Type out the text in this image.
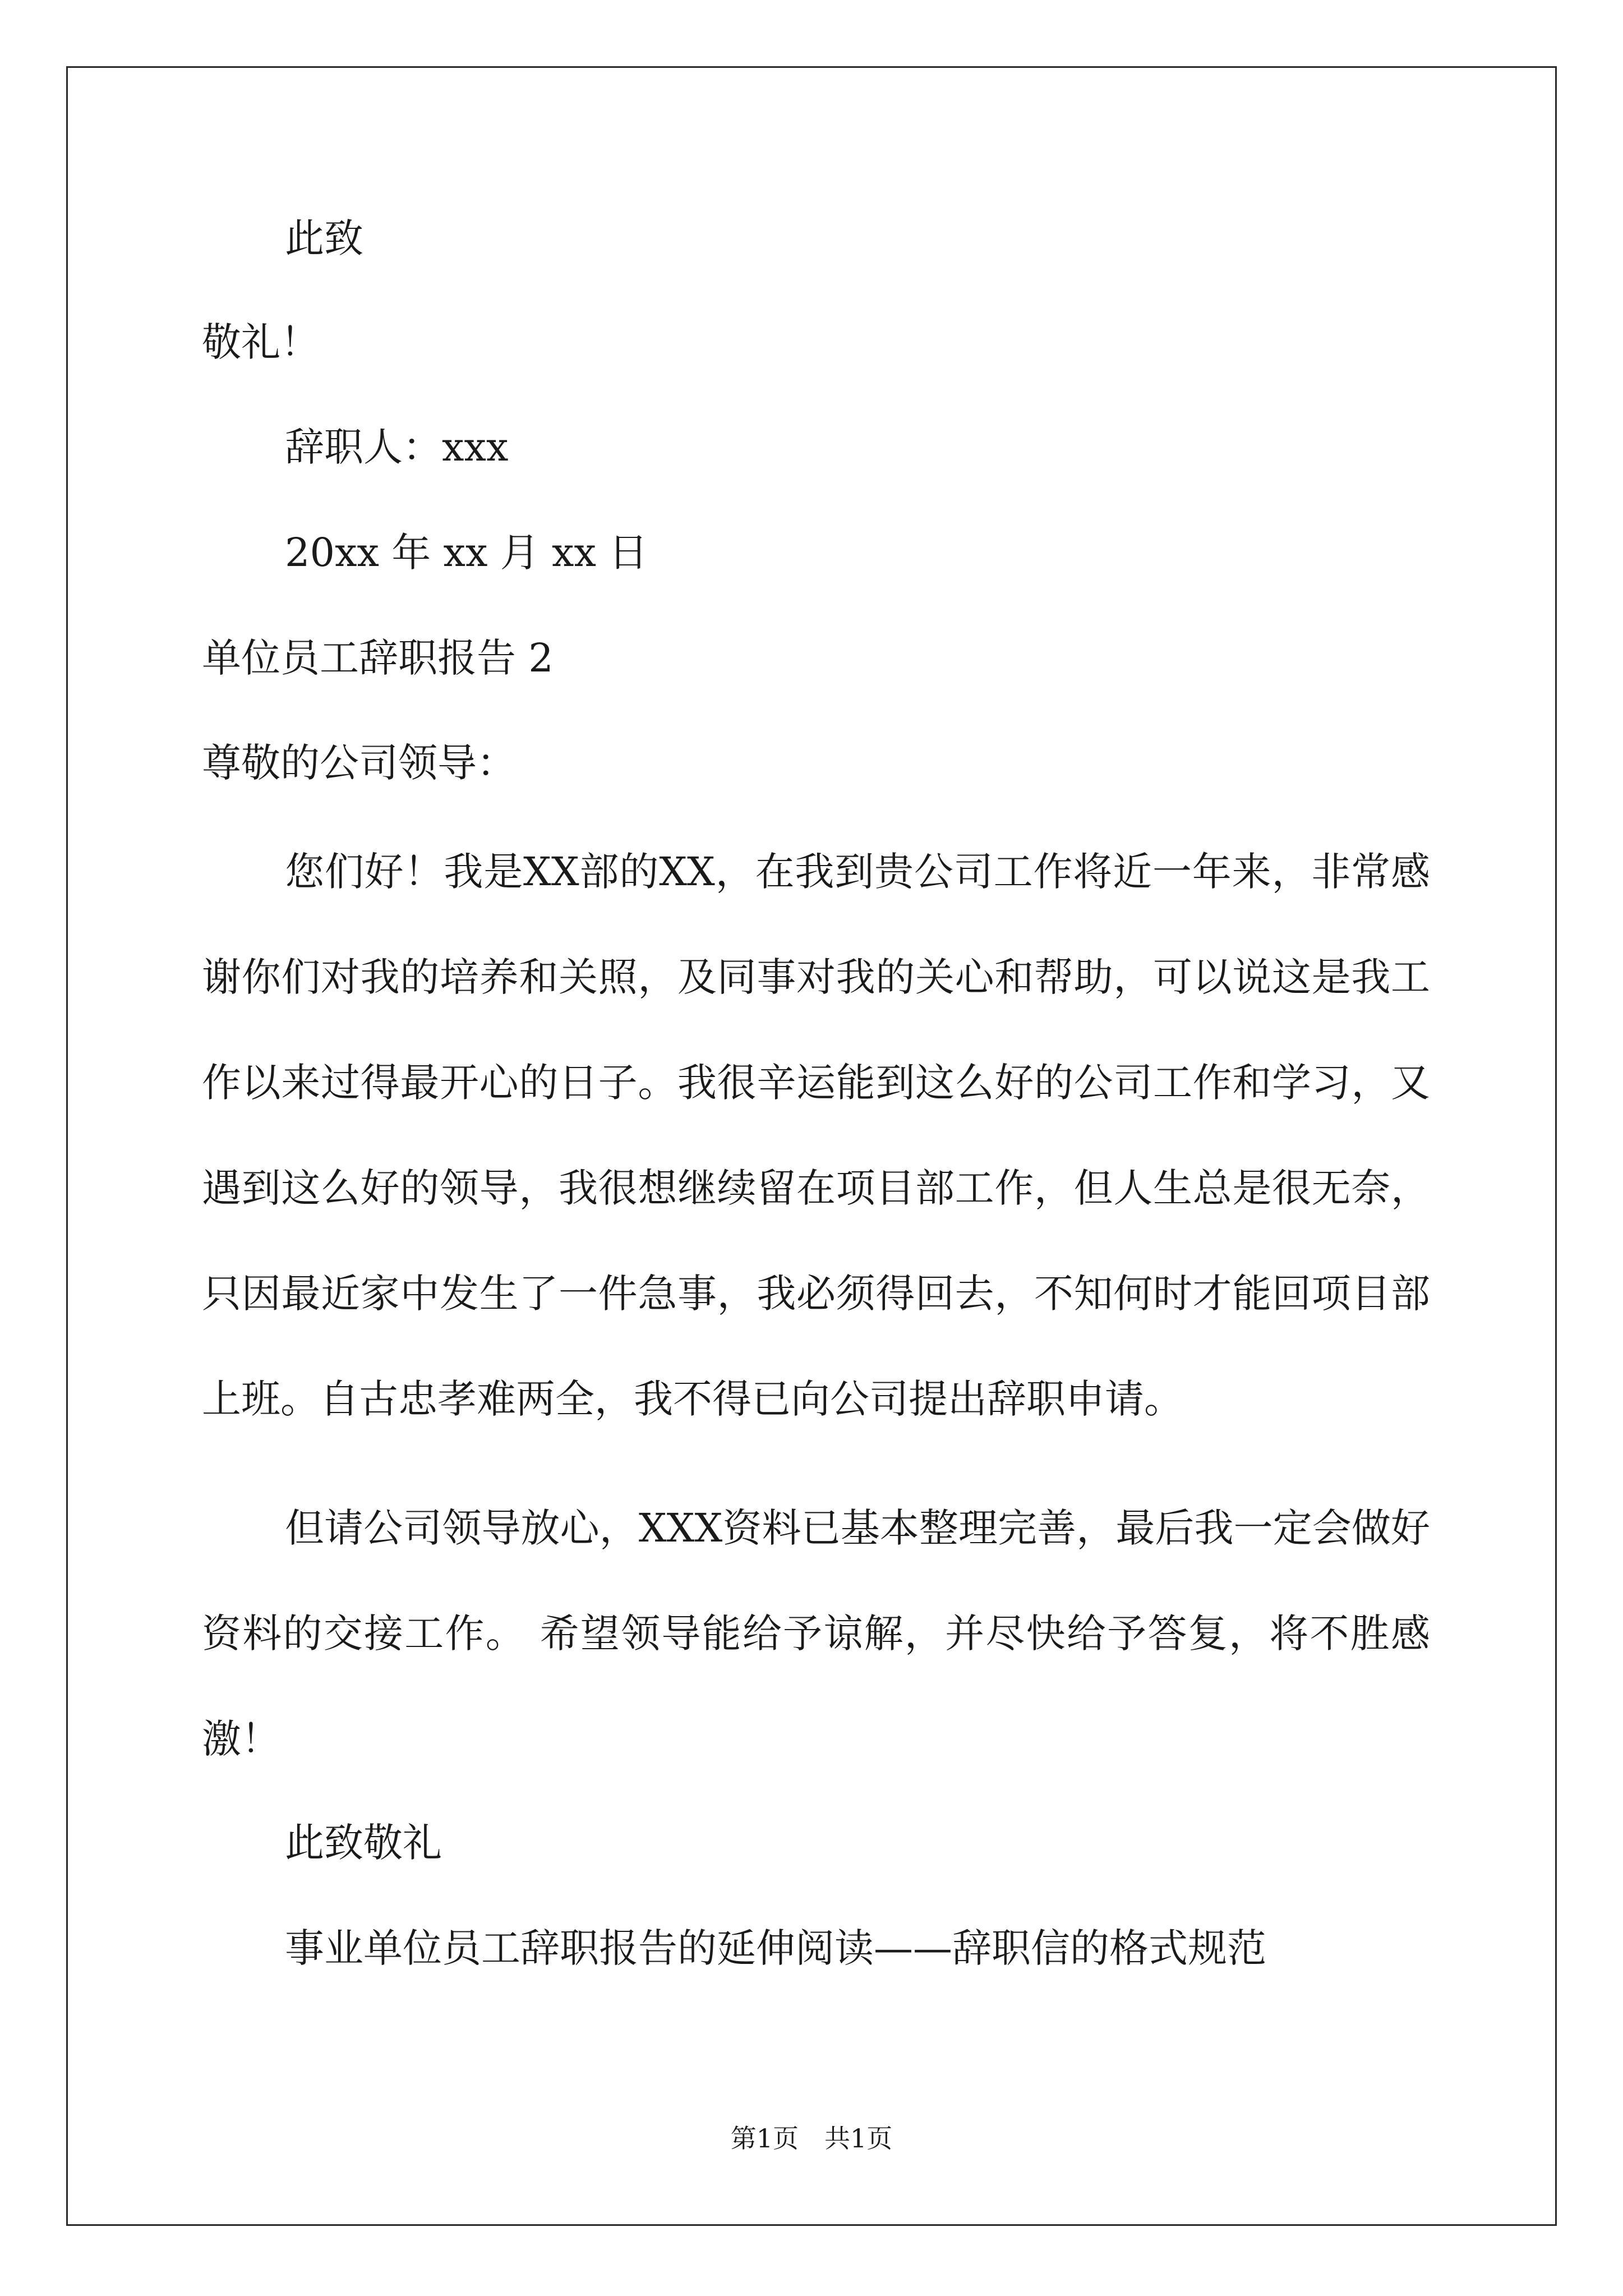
此致
敬礼！
辞职人：xxx
20xx 年 xx 月 xx 日
单位员工辞职报告 2
尊敬的公司领导：
您们好！我是XX部的XX，在我到贵公司工作将近一年来，非常感谢你们对我的培养和关照，及同事对我的关心和帮助，可以说这是我工作以来过得最开心的日子。我很辛运能到这么好的公司工作和学习，又遇到这么好的领导，我很想继续留在项目部工作，但人生总是很无奈，只因最近家中发生了一件急事，我必须得回去，不知何时才能回项目部上班。自古忠孝难两全，我不得已向公司提出辞职申请。
但请公司领导放心，XXX资料已基本整理完善，最后我一定会做好资料的交接工作。 希望领导能给予谅解，并尽快给予答复，将不胜感激！
此致敬礼
事业单位员工辞职报告的延伸阅读——辞职信的格式规范
第1页　共1页
